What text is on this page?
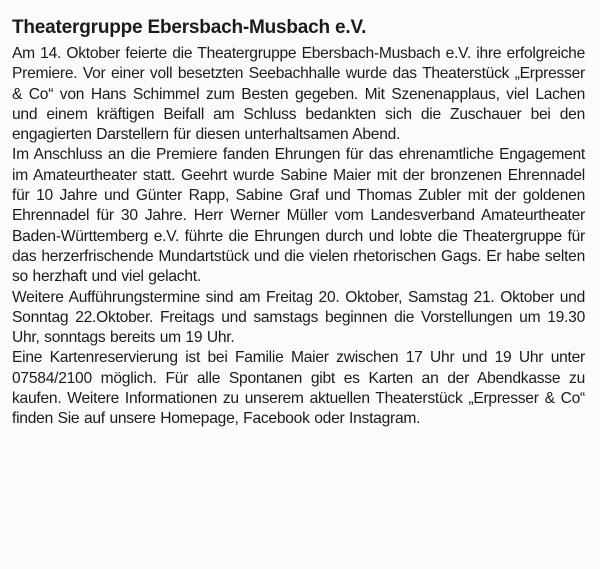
Theatergruppe Ebersbach-Musbach e.V.

Am 14. Oktober feierte die Theatergruppe Ebersbach-Musbach e.V. ihre erfolgreiche Premiere. Vor einer voll besetzten Seebachhalle wurde das Theaterstück „Erpresser & Co“ von Hans Schimmel zum Besten gegeben. Mit Szenenapplaus, viel Lachen und einem kräftigen Beifall am Schluss bedankten sich die Zuschauer bei den engagierten Darstellern für diesen unterhaltsamen Abend.

Im Anschluss an die Premiere fanden Ehrungen für das ehrenamtliche Engagement im Amateurtheater statt. Geehrt wurde Sabine Maier mit der bronzenen Ehrennadel für 10 Jahre und Günter Rapp, Sabine Graf und Thomas Zubler mit der goldenen Ehrennadel für 30 Jahre. Herr Werner Müller vom Landesverband Amateurtheater Baden-Württemberg e.V. führte die Ehrungen durch und lobte die Theatergruppe für das herzerfrischende Mundartstück und die vielen rhetorischen Gags. Er habe selten so herzhaft und viel gelacht.

Weitere Aufführungstermine sind am Freitag 20. Oktober, Samstag 21. Oktober und Sonntag 22.Oktober. Freitags und samstags beginnen die Vorstellungen um 19.30 Uhr, sonntags bereits um 19 Uhr.

Eine Kartenreservierung ist bei Familie Maier zwischen 17 Uhr und 19 Uhr unter 07584/2100 möglich. Für alle Spontanen gibt es Karten an der Abendkasse zu kaufen. Weitere Informationen zu unserem aktuellen Theaterstück „Erpresser & Co“ finden Sie auf unsere Homepage, Facebook oder Instagram.
